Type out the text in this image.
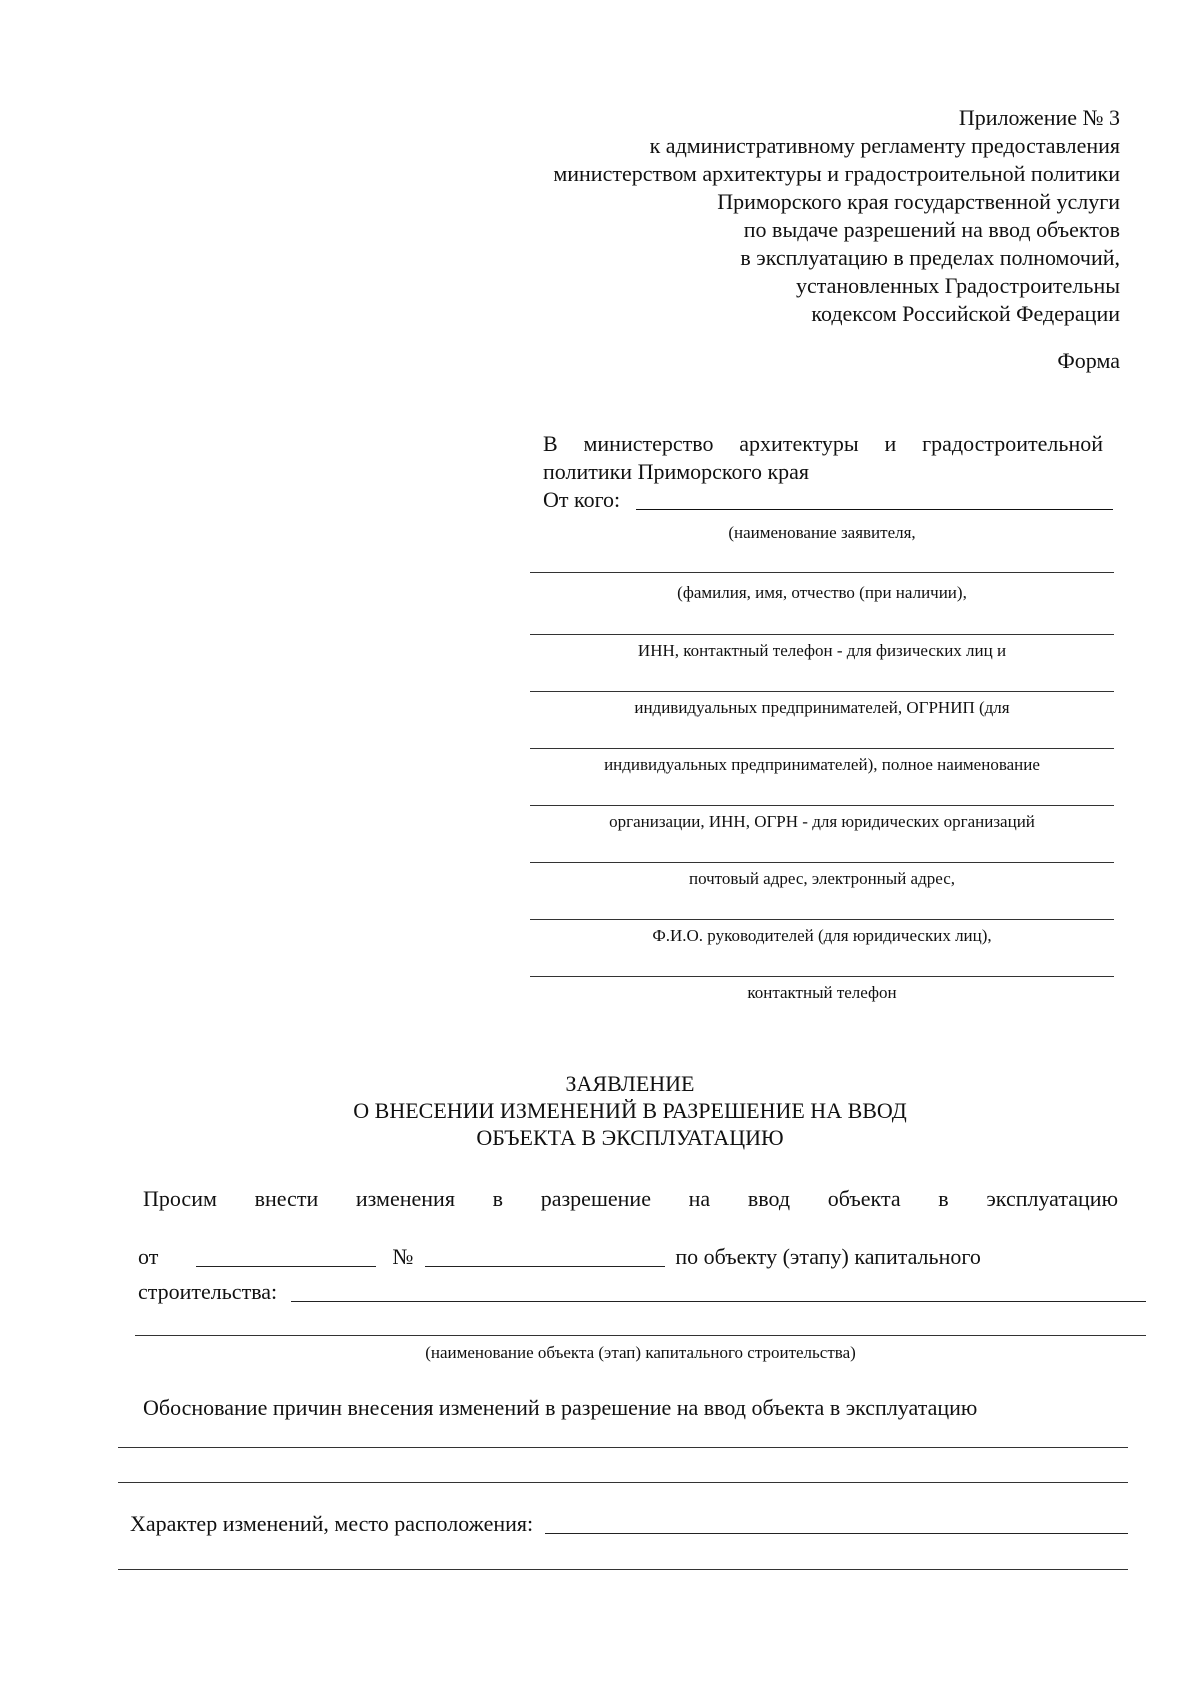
Приложение № 3
к административному регламенту предоставления
министерством архитектуры и градостроительной политики
Приморского края государственной услуги
по выдаче разрешений на ввод объектов
в эксплуатацию в пределах полномочий,
установленных Градостроительны
кодексом Российской Федерации
Форма
В министерство архитектуры и градостроительной
политики Приморского края
От кого:
(наименование заявителя,
(фамилия, имя, отчество (при наличии),
ИНН, контактный телефон - для физических лиц и
индивидуальных предпринимателей, ОГРНИП (для
индивидуальных предпринимателей), полное наименование
организации, ИНН, ОГРН - для юридических организаций
почтовый адрес, электронный адрес,
Ф.И.О. руководителей (для юридических лиц),
контактный телефон
ЗАЯВЛЕНИЕ
О ВНЕСЕНИИ ИЗМЕНЕНИЙ В РАЗРЕШЕНИЕ НА ВВОД
ОБЪЕКТА В ЭКСПЛУАТАЦИЮ
Просим внести изменения в разрешение на ввод объекта в эксплуатацию
от	№	по объекту (этапу) капитального
строительства:
(наименование объекта (этап) капитального строительства)
Обоснование причин внесения изменений в разрешение на ввод объекта в эксплуатацию
Характер изменений, место расположения:
